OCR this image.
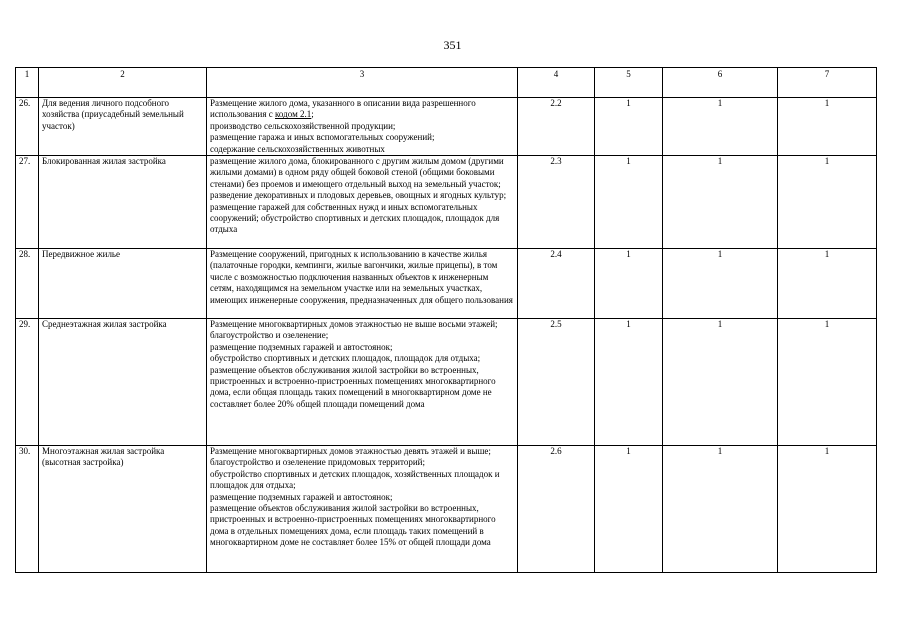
351
1	2	3	4	5	6	7
26.	Для ведения личного подсобного хозяйства (приусадебный земельный участок)	Размещение жилого дома, указанного в описании вида разрешенного использования с кодом 2.1;
производство сельскохозяйственной продукции;
размещение гаража и иных вспомогательных сооружений;
содержание сельскохозяйственных животных	2.2	1	1	1
27.	Блокированная жилая застройка	размещение жилого дома, блокированного с другим жилым домом (другими жилыми домами) в одном ряду общей боковой стеной (общими боковыми стенами) без проемов и имеющего отдельный выход на земельный участок; разведение декоративных и плодовых деревьев, овощных и ягодных культур; размещение гаражей для собственных нужд и иных вспомогательных сооружений; обустройство спортивных и детских площадок, площадок для отдыха	2.3	1	1	1
28.	Передвижное жилье	Размещение сооружений, пригодных к использованию в качестве жилья (палаточные городки, кемпинги, жилые вагончики, жилые прицепы), в том числе с возможностью подключения названных объектов к инженерным сетям, находящимся на земельном участке или на земельных участках, имеющих инженерные сооружения, предназначенных для общего пользования	2.4	1	1	1
29.	Среднеэтажная жилая застройка	Размещение многоквартирных домов этажностью не выше восьми этажей;
благоустройство и озеленение;
размещение подземных гаражей и автостоянок;
обустройство спортивных и детских площадок, площадок для отдыха;
размещение объектов обслуживания жилой застройки во встроенных, пристроенных и встроенно-пристроенных помещениях многоквартирного дома, если общая площадь таких помещений в многоквартирном доме не составляет более 20% общей площади помещений дома	2.5	1	1	1
30.	Многоэтажная жилая застройка (высотная застройка)	Размещение многоквартирных домов этажностью девять этажей и выше;
благоустройство и озеленение придомовых территорий;
обустройство спортивных и детских площадок, хозяйственных площадок и площадок для отдыха;
размещение подземных гаражей и автостоянок;
размещение объектов обслуживания жилой застройки во встроенных, пристроенных и встроенно-пристроенных помещениях многоквартирного дома в отдельных помещениях дома, если площадь таких помещений в многоквартирном доме не составляет более 15% от общей площади дома	2.6	1	1	1
